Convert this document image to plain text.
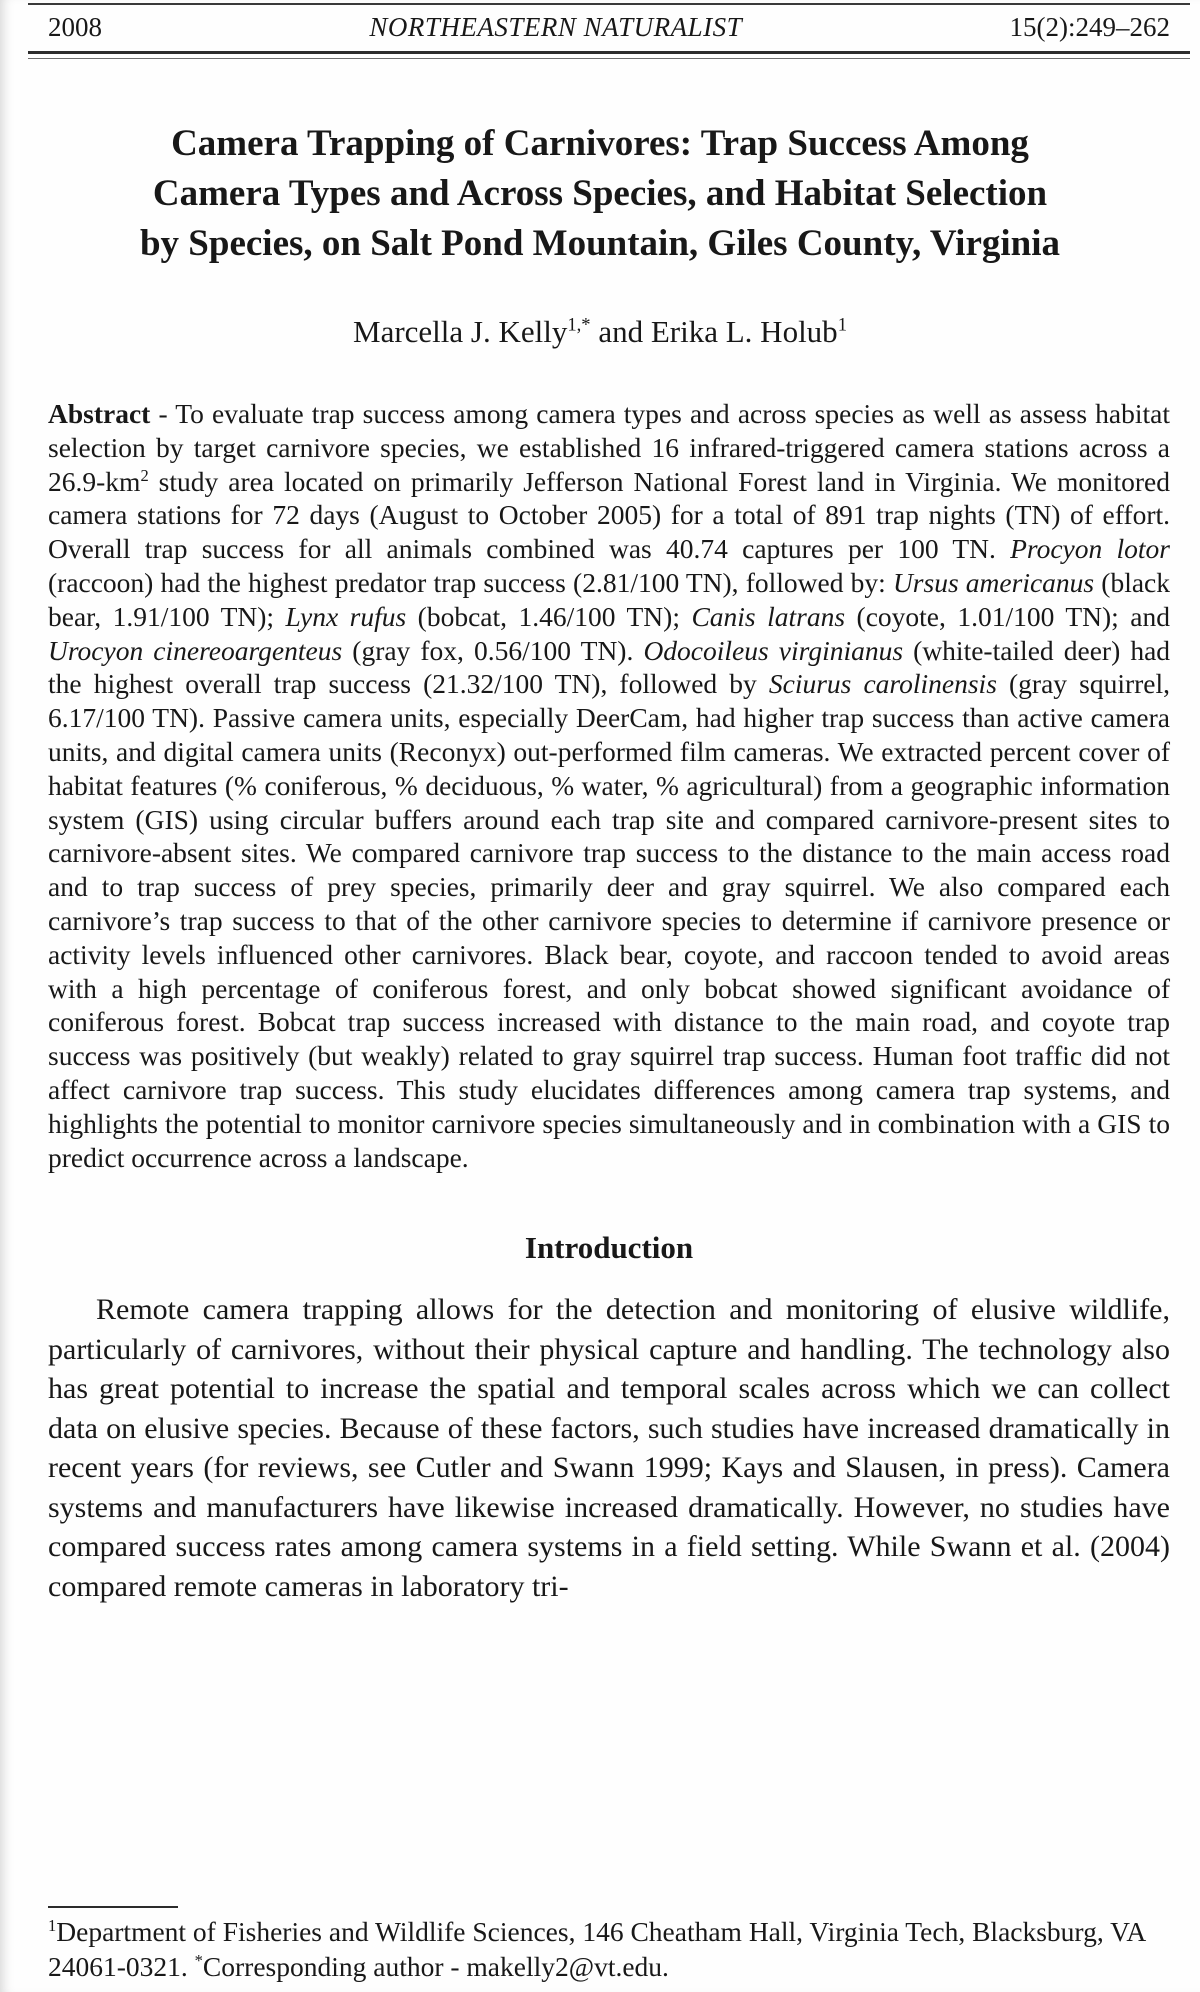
2008	NORTHEASTERN NATURALIST	15(2):249–262
Camera Trapping of Carnivores: Trap Success Among
Camera Types and Across Species, and Habitat Selection
by Species, on Salt Pond Mountain, Giles County, Virginia
Marcella J. Kelly$^{1,*}$ and Erika L. Holub$^1$

Abstract - To evaluate trap success among camera types and across species as well as assess habitat selection by target carnivore species, we established 16 infrared-triggered camera stations across a $26.9-km^2$ study area located on primarily Jefferson National Forest land in Virginia. We monitored camera stations for 72 days (August to October 2005) for a total of 891 trap nights (TN) of effort. Overall trap success for all animals combined was 40.74 captures per 100 TN. Procyon lotor (raccoon) had the highest predator trap success (2.81/100 TN), followed by: Ursus americanus (black bear, 1.91/100 TN); Lynx rufus (bobcat, 1.46/100 TN); Canis latrans (coyote, 1.01/100 TN); and Urocyon cinereoargenteus (gray fox, 0.56/100 TN). Odocoileus virginianus (white-tailed deer) had the highest overall trap success (21.32/100 TN), followed by Sciurus carolinensis (gray squirrel, 6.17/100 TN). Passive camera units, especially DeerCam, had higher trap success than active camera units, and digital camera units (Reconyx) out-performed film cameras. We extracted percent cover of habitat features (% coniferous, % deciduous, % water, % agricultural) from a geographic information system (GIS) using circular buffers around each trap site and compared carnivore-present sites to carnivore-absent sites. We compared carnivore trap success to the distance to the main access road and to trap success of prey species, primarily deer and gray squirrel. We also compared each carnivore’s trap success to that of the other carnivore species to determine if carnivore presence or activity levels influenced other carnivores. Black bear, coyote, and raccoon tended to avoid areas with a high percentage of coniferous forest, and only bobcat showed significant avoidance of coniferous forest. Bobcat trap success increased with distance to the main road, and coyote trap success was positively (but weakly) related to gray squirrel trap success. Human foot traffic did not affect carnivore trap success. This study elucidates differences among camera trap systems, and highlights the potential to monitor carnivore species simultaneously and in combination with a GIS to predict occurrence across a landscape.

Introduction

Remote camera trapping allows for the detection and monitoring of elusive wildlife, particularly of carnivores, without their physical capture and handling. The technology also has great potential to increase the spatial and temporal scales across which we can collect data on elusive species. Because of these factors, such studies have increased dramatically in recent years (for reviews, see Cutler and Swann 1999; Kays and Slausen, in press). Camera systems and manufacturers have likewise increased dramatically. However, no studies have compared success rates among camera systems in a field setting. While Swann et al. (2004) compared remote cameras in laboratory tri-

$^1$Department of Fisheries and Wildlife Sciences, 146 Cheatham Hall, Virginia Tech, Blacksburg, VA 24061-0321. *Corresponding author - makelly2@vt.edu.
